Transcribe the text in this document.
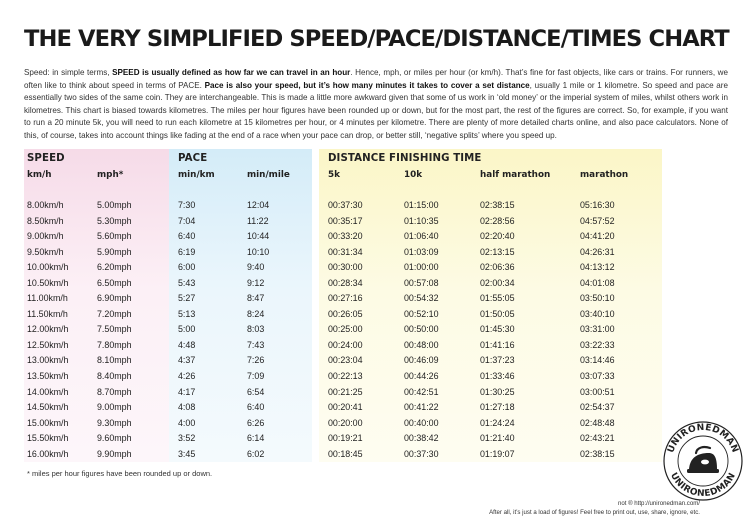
THE VERY SIMPLIFIED SPEED/PACE/DISTANCE/TIMES CHART

Speed: in simple terms, SPEED is usually defined as how far we can travel in an hour. Hence, mph, or miles per hour (or km/h). That’s fine for fast objects, like cars or trains. For runners, we often like to think about speed in terms of PACE. Pace is also your speed, but it’s how many minutes it takes to cover a set distance, usually 1 mile or 1 kilometre. So speed and pace are essentially two sides of the same coin. They are interchangeable. This is made a little more awkward given that some of us work in ‘old money’ or the imperial system of miles, whilst others work in kilometres. This chart is biased towards kilometres. The miles per hour figures have been rounded up or down, but for the most part, the rest of the figures are correct. So, for example, if you want to run a 20 minute 5k, you will need to run each kilometre at 15 kilometres per hour, or 4 minutes per kilometre. There are plenty of more detailed charts online, and also pace calculators. None of this, of course, takes into account things like fading at the end of a race when your pace can drop, or better still, ‘negative splits’ where you speed up.

SPEED	PACE	DISTANCE FINISHING TIME
km/h	mph*	min/km	min/mile	5k	10k	half marathon	marathon
8.00km/h	5.00mph	7:30	12:04	00:37:30	01:15:00	02:38:15	05:16:30
8.50km/h	5.30mph	7:04	11:22	00:35:17	01:10:35	02:28:56	04:57:52
9.00km/h	5.60mph	6:40	10:44	00:33:20	01:06:40	02:20:40	04:41:20
9.50km/h	5.90mph	6:19	10:10	00:31:34	01:03:09	02:13:15	04:26:31
10.00km/h	6.20mph	6:00	9:40	00:30:00	01:00:00	02:06:36	04:13:12
10.50km/h	6.50mph	5:43	9:12	00:28:34	00:57:08	02:00:34	04:01:08
11.00km/h	6.90mph	5:27	8:47	00:27:16	00:54:32	01:55:05	03:50:10
11.50km/h	7.20mph	5:13	8:24	00:26:05	00:52:10	01:50:05	03:40:10
12.00km/h	7.50mph	5:00	8:03	00:25:00	00:50:00	01:45:30	03:31:00
12.50km/h	7.80mph	4:48	7:43	00:24:00	00:48:00	01:41:16	03:22:33
13.00km/h	8.10mph	4:37	7:26	00:23:04	00:46:09	01:37:23	03:14:46
13.50km/h	8.40mph	4:26	7:09	00:22:13	00:44:26	01:33:46	03:07:33
14.00km/h	8.70mph	4:17	6:54	00:21:25	00:42:51	01:30:25	03:00:51
14.50km/h	9.00mph	4:08	6:40	00:20:41	00:41:22	01:27:18	02:54:37
15.00km/h	9.30mph	4:00	6:26	00:20:00	00:40:00	01:24:24	02:48:48
15.50km/h	9.60mph	3:52	6:14	00:19:21	00:38:42	01:21:40	02:43:21
16.00km/h	9.90mph	3:45	6:02	00:18:45	00:37:30	01:19:07	02:38:15
* miles per hour figures have been rounded up or down.
not ® http://unironedman.com/
After all, it’s just a load of figures! Feel free to print out, use, share, ignore, etc.
UNIRONEDMAN
UNIRONEDMAN
